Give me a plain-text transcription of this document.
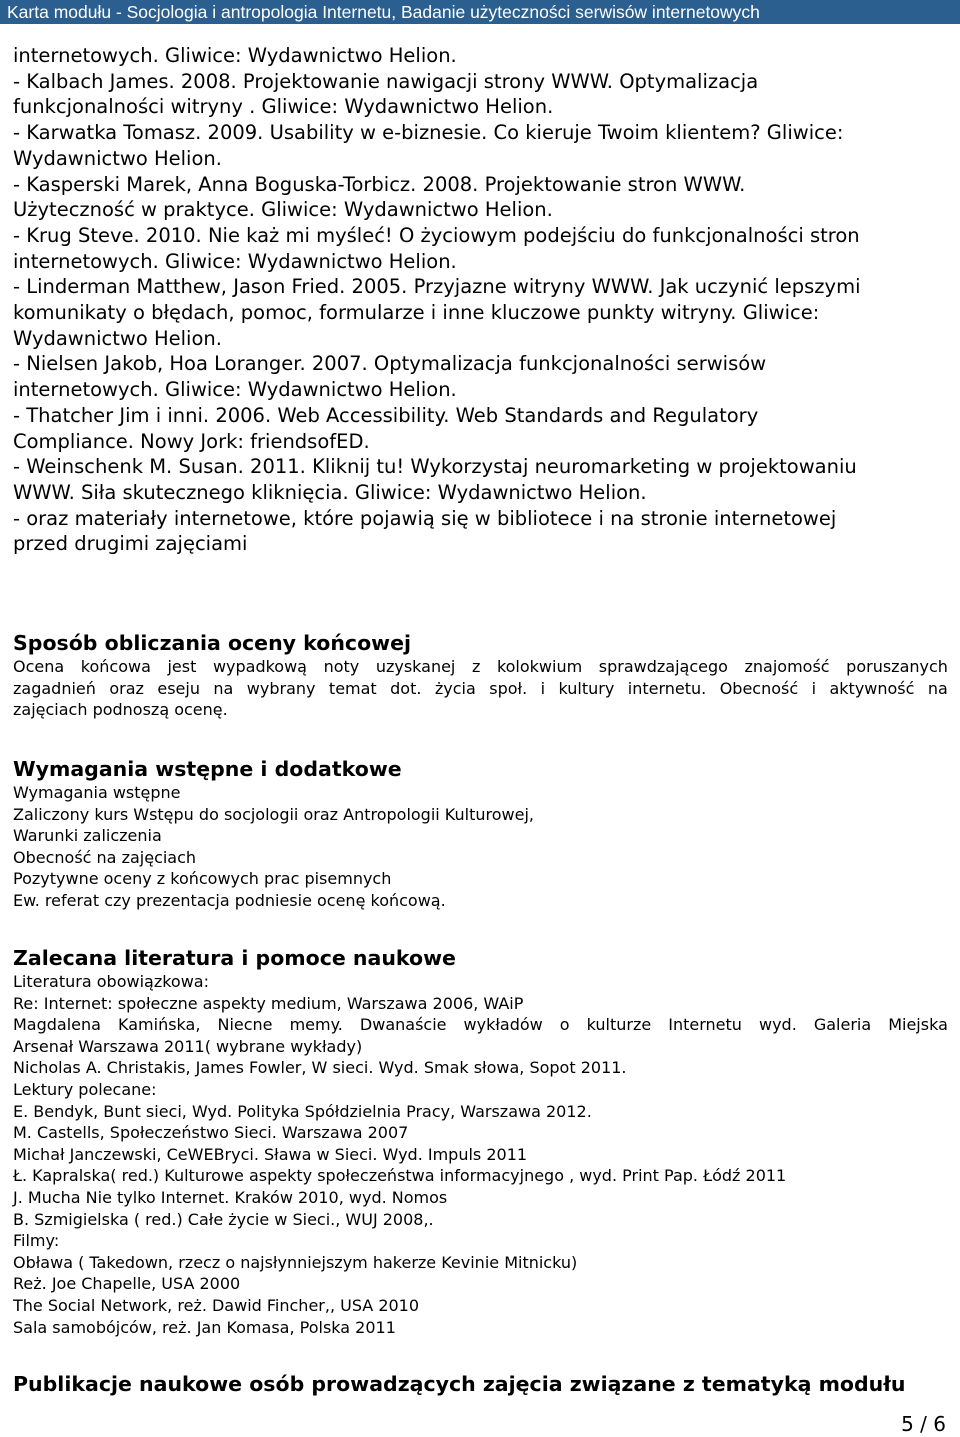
Karta modułu - Socjologia i antropologia Internetu, Badanie użyteczności serwisów internetowych
internetowych. Gliwice: Wydawnictwo Helion.
- Kalbach James. 2008. Projektowanie nawigacji strony WWW. Optymalizacja
funkcjonalności witryny . Gliwice: Wydawnictwo Helion.
- Karwatka Tomasz. 2009. Usability w e-biznesie. Co kieruje Twoim klientem? Gliwice:
Wydawnictwo Helion.
- Kasperski Marek, Anna Boguska-Torbicz. 2008. Projektowanie stron WWW.
Użyteczność w praktyce. Gliwice: Wydawnictwo Helion.
- Krug Steve. 2010. Nie każ mi myśleć! O życiowym podejściu do funkcjonalności stron
internetowych. Gliwice: Wydawnictwo Helion.
- Linderman Matthew, Jason Fried. 2005. Przyjazne witryny WWW. Jak uczynić lepszymi
komunikaty o błędach, pomoc, formularze i inne kluczowe punkty witryny. Gliwice:
Wydawnictwo Helion.
- Nielsen Jakob, Hoa Loranger. 2007. Optymalizacja funkcjonalności serwisów
internetowych. Gliwice: Wydawnictwo Helion.
- Thatcher Jim i inni. 2006. Web Accessibility. Web Standards and Regulatory
Compliance. Nowy Jork: friendsofED.
- Weinschenk M. Susan. 2011. Kliknij tu! Wykorzystaj neuromarketing w projektowaniu
WWW. Siła skutecznego kliknięcia. Gliwice: Wydawnictwo Helion.
- oraz materiały internetowe, które pojawią się w bibliotece i na stronie internetowej
przed drugimi zajęciami
Sposób obliczania oceny końcowej
Ocena końcowa jest wypadkową noty uzyskanej z kolokwium sprawdzającego znajomość poruszanych
zagadnień oraz eseju na wybrany temat dot. życia społ. i kultury internetu. Obecność i aktywność na
zajęciach podnoszą ocenę.
Wymagania wstępne i dodatkowe
Wymagania wstępne
Zaliczony kurs Wstępu do socjologii oraz Antropologii Kulturowej,
Warunki zaliczenia
Obecność na zajęciach
Pozytywne oceny z końcowych prac pisemnych
Ew. referat czy prezentacja podniesie ocenę końcową.
Zalecana literatura i pomoce naukowe
Literatura obowiązkowa:
Re: Internet: społeczne aspekty medium, Warszawa 2006, WAiP
Magdalena Kamińska, Niecne memy. Dwanaście wykładów o kulturze Internetu wyd. Galeria Miejska
Arsenał Warszawa 2011( wybrane wykłady)
Nicholas A. Christakis, James Fowler, W sieci. Wyd. Smak słowa, Sopot 2011.
Lektury polecane:
E. Bendyk, Bunt sieci, Wyd. Polityka Spółdzielnia Pracy, Warszawa 2012.
M. Castells, Społeczeństwo Sieci. Warszawa 2007
Michał Janczewski, CeWEBryci. Sława w Sieci. Wyd. Impuls 2011
Ł. Kapralska( red.) Kulturowe aspekty społeczeństwa informacyjnego , wyd. Print Pap. Łódź 2011
J. Mucha Nie tylko Internet. Kraków 2010, wyd. Nomos
B. Szmigielska ( red.) Całe życie w Sieci., WUJ 2008,.
Filmy:
Obława ( Takedown, rzecz o najsłynniejszym hakerze Kevinie Mitnicku)
Reż. Joe Chapelle, USA 2000
The Social Network, reż. Dawid Fincher,, USA 2010
Sala samobójców, reż. Jan Komasa, Polska 2011
Publikacje naukowe osób prowadzących zajęcia związane z tematyką modułu
5 / 6
